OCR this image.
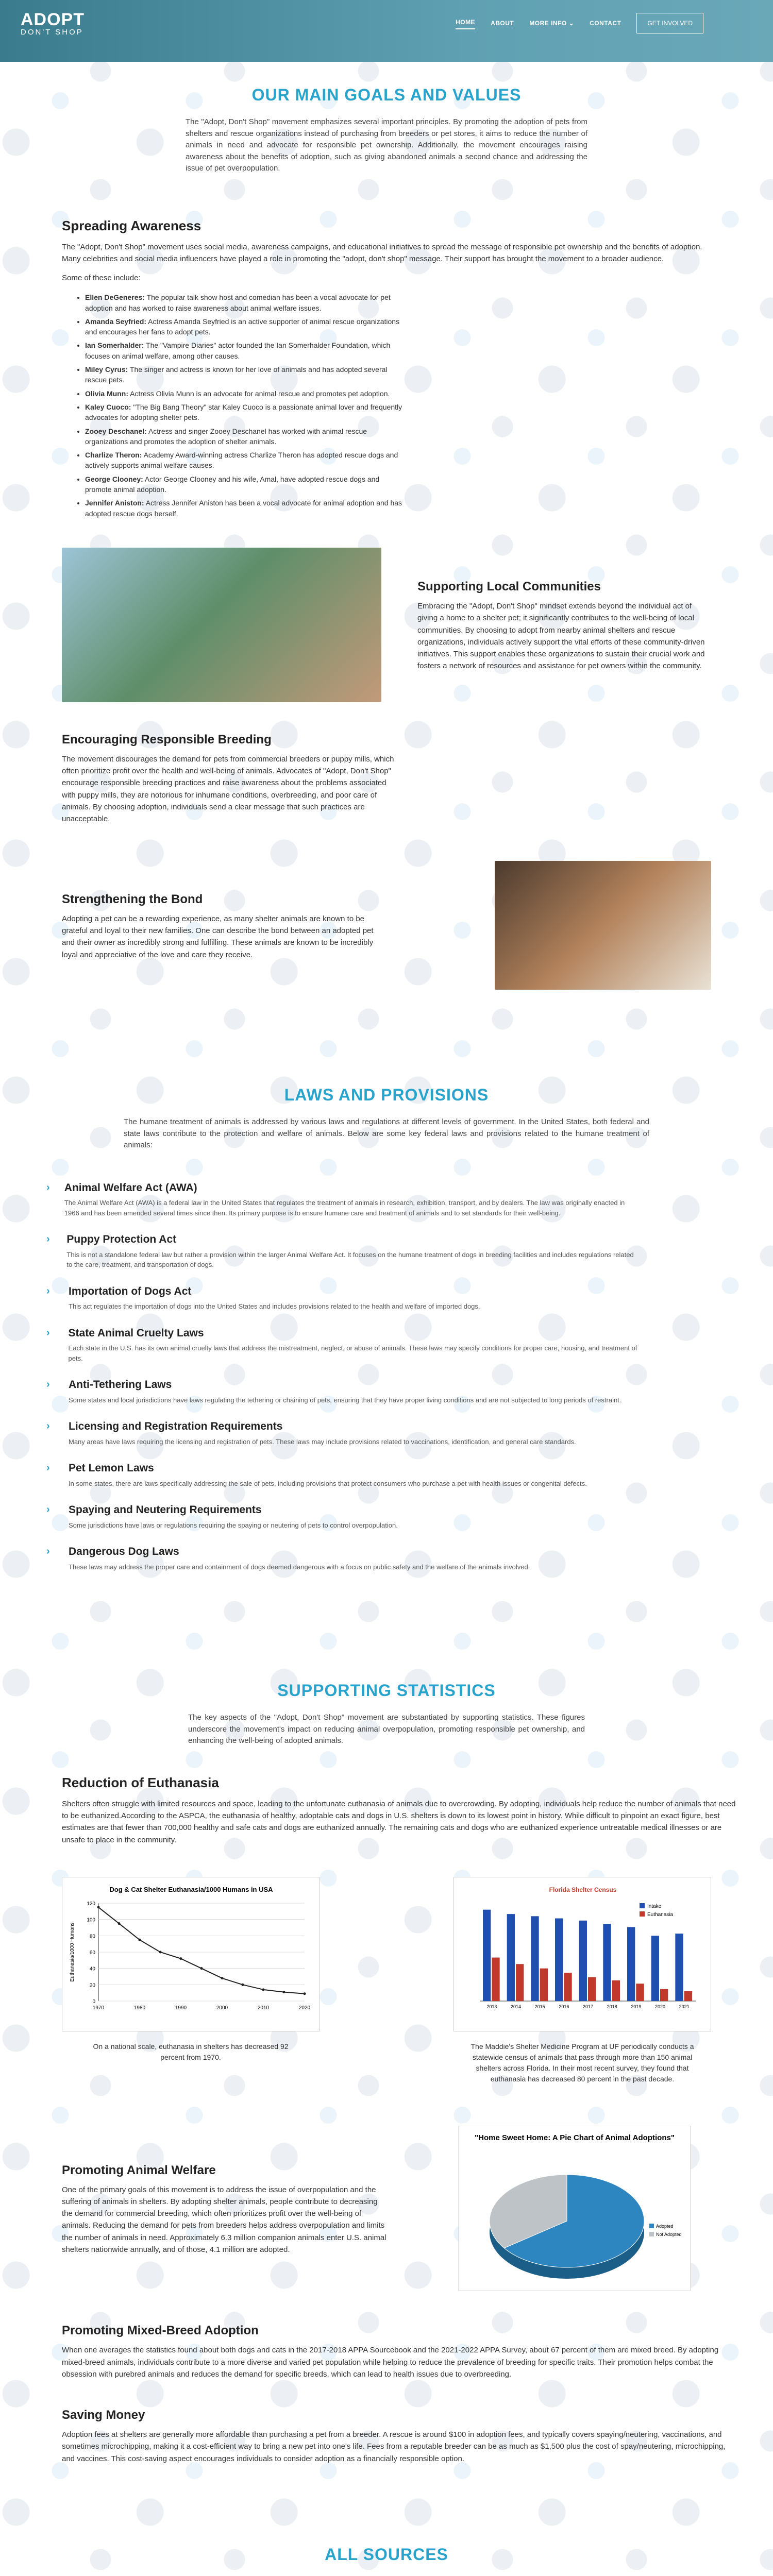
ADOPT
DON'T SHOP
HOME	ABOUT	MORE INFO ⌄	CONTACT	GET INVOLVED
OUR MAIN GOALS AND VALUES

The "Adopt, Don't Shop" movement emphasizes several important principles. By promoting the adoption of pets from shelters and rescue organizations instead of purchasing from breeders or pet stores, it aims to reduce the number of animals in need and advocate for responsible pet ownership. Additionally, the movement encourages raising awareness about the benefits of adoption, such as giving abandoned animals a second chance and addressing the issue of pet overpopulation.

Spreading Awareness

The "Adopt, Don't Shop" movement uses social media, awareness campaigns, and educational initiatives to spread the message of responsible pet ownership and the benefits of adoption. Many celebrities and social media influencers have played a role in promoting the "adopt, don't shop" message. Their support has brought the movement to a broader audience.

Some of these include:

• Ellen DeGeneres: The popular talk show host and comedian has been a vocal advocate for pet adoption and has worked to raise awareness about animal welfare issues.
• Amanda Seyfried: Actress Amanda Seyfried is an active supporter of animal rescue organizations and encourages her fans to adopt pets.
• Ian Somerhalder: The "Vampire Diaries" actor founded the Ian Somerhalder Foundation, which focuses on animal welfare, among other causes.
• Miley Cyrus: The singer and actress is known for her love of animals and has adopted several rescue pets.
• Olivia Munn: Actress Olivia Munn is an advocate for animal rescue and promotes pet adoption.
• Kaley Cuoco: "The Big Bang Theory" star Kaley Cuoco is a passionate animal lover and frequently advocates for adopting shelter pets.
• Zooey Deschanel: Actress and singer Zooey Deschanel has worked with animal rescue organizations and promotes the adoption of shelter animals.
• Charlize Theron: Academy Award-winning actress Charlize Theron has adopted rescue dogs and actively supports animal welfare causes.
• George Clooney: Actor George Clooney and his wife, Amal, have adopted rescue dogs and promote animal adoption.
• Jennifer Aniston: Actress Jennifer Aniston has been a vocal advocate for animal adoption and has adopted rescue dogs herself.
Supporting Local Communities

Embracing the "Adopt, Don't Shop" mindset extends beyond the individual act of giving a home to a shelter pet; it significantly contributes to the well-being of local communities. By choosing to adopt from nearby animal shelters and rescue organizations, individuals actively support the vital efforts of these community-driven initiatives. This support enables these organizations to sustain their crucial work and fosters a network of resources and assistance for pet owners within the community.

Encouraging Responsible Breeding

The movement discourages the demand for pets from commercial breeders or puppy mills, which often prioritize profit over the health and well-being of animals. Advocates of "Adopt, Don't Shop" encourage responsible breeding practices and raise awareness about the problems associated with puppy mills, they are notorious for inhumane conditions, overbreeding, and poor care of animals. By choosing adoption, individuals send a clear message that such practices are unacceptable.

Strengthening the Bond

Adopting a pet can be a rewarding experience, as many shelter animals are known to be grateful and loyal to their new families. One can describe the bond between an adopted pet and their owner as incredibly strong and fulfilling. These animals are known to be incredibly loyal and appreciative of the love and care they receive.

LAWS AND PROVISIONS

The humane treatment of animals is addressed by various laws and regulations at different levels of government. In the United States, both federal and state laws contribute to the protection and welfare of animals. Below are some key federal laws and provisions related to the humane treatment of animals:

› Animal Welfare Act (AWA)

The Animal Welfare Act (AWA) is a federal law in the United States that regulates the treatment of animals in research, exhibition, transport, and by dealers. The law was originally enacted in 1966 and has been amended several times since then. Its primary purpose is to ensure humane care and treatment of animals and to set standards for their well-being.

›	Puppy Protection Act

This is not a standalone federal law but rather a provision within the larger Animal Welfare Act. It focuses on the humane treatment of dogs in breeding facilities and includes regulations related to the care, treatment, and transportation of dogs.

›	Importation of Dogs Act

This act regulates the importation of dogs into the United States and includes provisions related to the health and welfare of imported dogs.

›	State Animal Cruelty Laws

Each state in the U.S. has its own animal cruelty laws that address the mistreatment, neglect, or abuse of animals. These laws may specify conditions for proper care, housing, and treatment of pets.

›	Anti-Tethering Laws

Some states and local jurisdictions have laws regulating the tethering or chaining of pets, ensuring that they have proper living conditions and are not subjected to long periods of restraint.

›	Licensing and Registration Requirements

Many areas have laws requiring the licensing and registration of pets. These laws may include provisions related to vaccinations, identification, and general care standards.

›	Pet Lemon Laws

In some states, there are laws specifically addressing the sale of pets, including provisions that protect consumers who purchase a pet with health issues or congenital defects.

›	Spaying and Neutering Requirements

Some jurisdictions have laws or regulations requiring the spaying or neutering of pets to control overpopulation.

›	Dangerous Dog Laws

These laws may address the proper care and containment of dogs deemed dangerous with a focus on public safety and the welfare of the animals involved.

SUPPORTING STATISTICS

The key aspects of the "Adopt, Don't Shop" movement are substantiated by supporting statistics. These figures underscore the movement's impact on reducing animal overpopulation, promoting responsible pet ownership, and enhancing the well-being of adopted animals.

Reduction of Euthanasia

Shelters often struggle with limited resources and space, leading to the unfortunate euthanasia of animals due to overcrowding. By adopting, individuals help reduce the number of animals that need to be euthanized.According to the ASPCA, the euthanasia of healthy, adoptable cats and dogs in U.S. shelters is down to its lowest point in history. While difficult to pinpoint an exact figure, best estimates are that fewer than 700,000 healthy and safe cats and dogs are euthanized annually. The remaining cats and dogs who are euthanized experience untreatable medical illnesses or are unsafe to place in the community.

Dog & Cat Shelter Euthanasia/1000 Humans in USA
0
20
40
60
80
100
120
1970	1980	1990	2000	2010	2020
Euthanasia/1000 Humans

On a national scale, euthanasia in shelters has decreased 92 percent from 1970.

Florida Shelter Census
2013	2014	2015	2016	2017	2018	2019	2020	2021
Intake
Euthanasia

The Maddie's Shelter Medicine Program at UF periodically conducts a statewide census of animals that pass through more than 150 animal shelters across Florida. In their most recent survey, they found that euthanasia has decreased 80 percent in the past decade.

Promoting Animal Welfare

One of the primary goals of this movement is to address the issue of overpopulation and the suffering of animals in shelters. By adopting shelter animals, people contribute to decreasing the demand for commercial breeding, which often prioritizes profit over the well-being of animals. Reducing the demand for pets from breeders helps address overpopulation and limits the number of animals in need. Approximately 6.3 million companion animals enter U.S. animal shelters nationwide annually, and of those, 4.1 million are adopted.

"Home Sweet Home: A Pie Chart of Animal Adoptions"
Adopted
Not Adopted
Promoting Mixed-Breed Adoption

When one averages the statistics found about both dogs and cats in the 2017-2018 APPA Sourcebook and the 2021-2022 APPA Survey, about 67 percent of them are mixed breed. By adopting mixed-breed animals, individuals contribute to a more diverse and varied pet population while helping to reduce the prevalence of breeding for specific traits. Their promotion helps combat the obsession with purebred animals and reduces the demand for specific breeds, which can lead to health issues due to overbreeding.

Saving Money

Adoption fees at shelters are generally more affordable than purchasing a pet from a breeder. A rescue is around $100 in adoption fees, and typically covers spaying/neutering, vaccinations, and sometimes microchipping, making it a cost-efficient way to bring a new pet into one's life. Fees from a reputable breeder can be as much as $1,500 plus the cost of spay/neutering, microchipping, and vaccines. This cost-saving aspect encourages individuals to consider adoption as a financially responsible option.

ALL SOURCES
